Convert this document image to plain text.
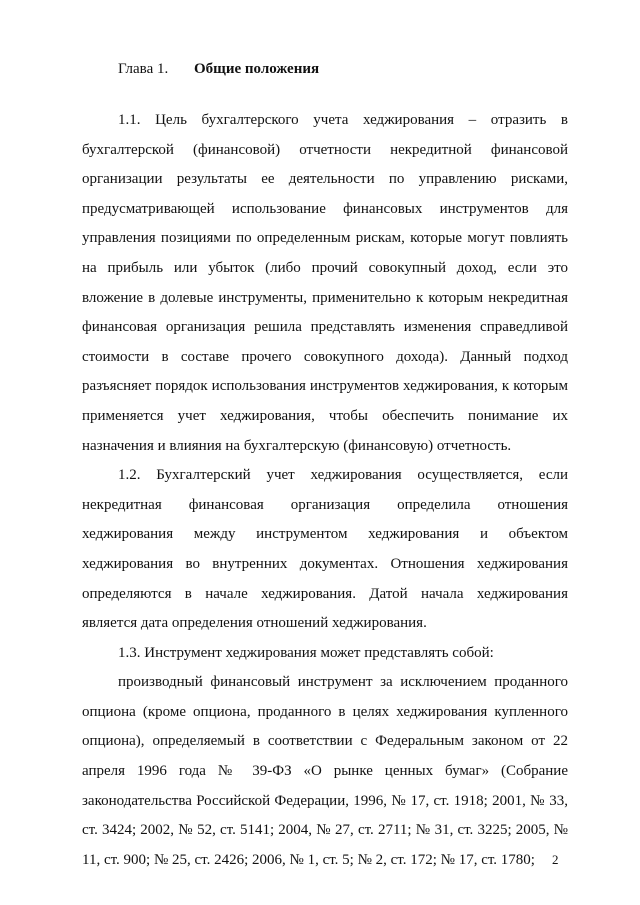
Глава 1. Общие положения

1.1. Цель бухгалтерского учета хеджирования – отразить в бухгалтерской (финансовой) отчетности некредитной финансовой организации результаты ее деятельности по управлению рисками, предусматривающей использование финансовых инструментов для управления позициями по определенным рискам, которые могут повлиять на прибыль или убыток (либо прочий совокупный доход, если это вложение в долевые инструменты, применительно к которым некредитная финансовая организация решила представлять изменения справедливой стоимости в составе прочего совокупного дохода). Данный подход разъясняет порядок использования инструментов хеджирования, к которым применяется учет хеджирования, чтобы обеспечить понимание их назначения и влияния на бухгалтерскую (финансовую) отчетность.

1.2. Бухгалтерский учет хеджирования осуществляется, если некредитная финансовая организация определила отношения хеджирования между инструментом хеджирования и объектом хеджирования во внутренних документах. Отношения хеджирования определяются в начале хеджирования. Датой начала хеджирования является дата определения отношений хеджирования.

1.3. Инструмент хеджирования может представлять собой:

производный финансовый инструмент за исключением проданного опциона (кроме опциона, проданного в целях хеджирования купленного опциона), определяемый в соответствии с Федеральным законом от 22 апреля 1996 года № 39-ФЗ «О рынке ценных бумаг» (Собрание законодательства Российской Федерации, 1996, № 17, ст. 1918; 2001, № 33, ст. 3424; 2002, № 52, ст. 5141; 2004, № 27, ст. 2711; № 31, ст. 3225; 2005, № 11, ст. 900; № 25, ст. 2426; 2006, № 1, ст. 5; № 2, ст. 172; № 17, ст. 1780;	2
